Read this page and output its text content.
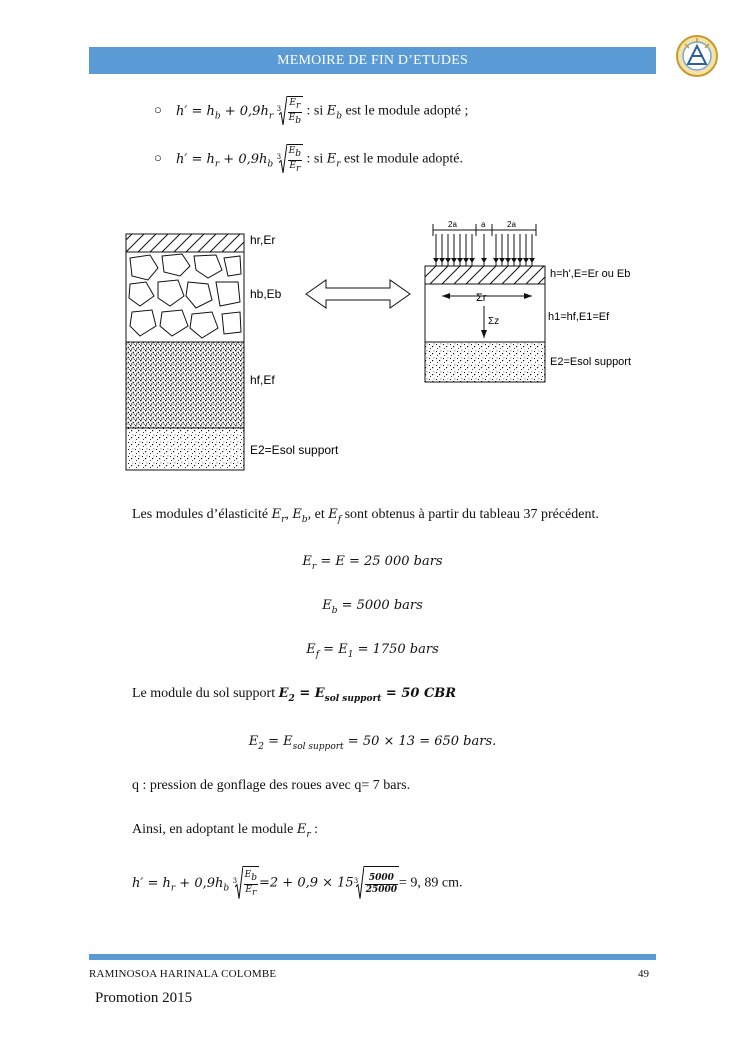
MEMOIRE DE FIN D’ETUDES
○ $h' = h_b + 0,9h_r$
$3 \frac{E_r}{E_b}$ : si $E_b$ est le module adopté ;
○ $h' = h_r + 0,9h_b$
$3 \frac{E_b}{E_r}$ : si $E_r$ est le module adopté.
hr,Er
hb,Eb
hf,Ef
E2=Esol support
2a	a	2a
Σr
Σz
h=h',E=Er ou Eb
h1=hf,E1=Ef
E2=Esol support
Les modules d’élasticité $E_r$, $E_b$, et $E_f$ sont obtenus à partir du tableau 37 précédent.
$E_r = E = 25$ 000 bars
$E_b = 5000$ bars
$E_f = E_1 = 1750$ bars
Le module du sol support $E_2 = E_{sol support} = 50$ CBR
$E_2 = E_{sol support} = 50 \times 13 = 650$ bars.
q : pression de gonflage des roues avec q= 7 bars.
Ainsi, en adoptant le module $E_r$ :
$h' = h_r + 0,9h_b$
$3 \frac{E_b}{E_r} =2 + 0,9 \times 15$ $3 \frac{5000}{25000} = 9$, 89 cm.
RAMINOSOA HARINALA COLOMBE	49
Promotion 2015
